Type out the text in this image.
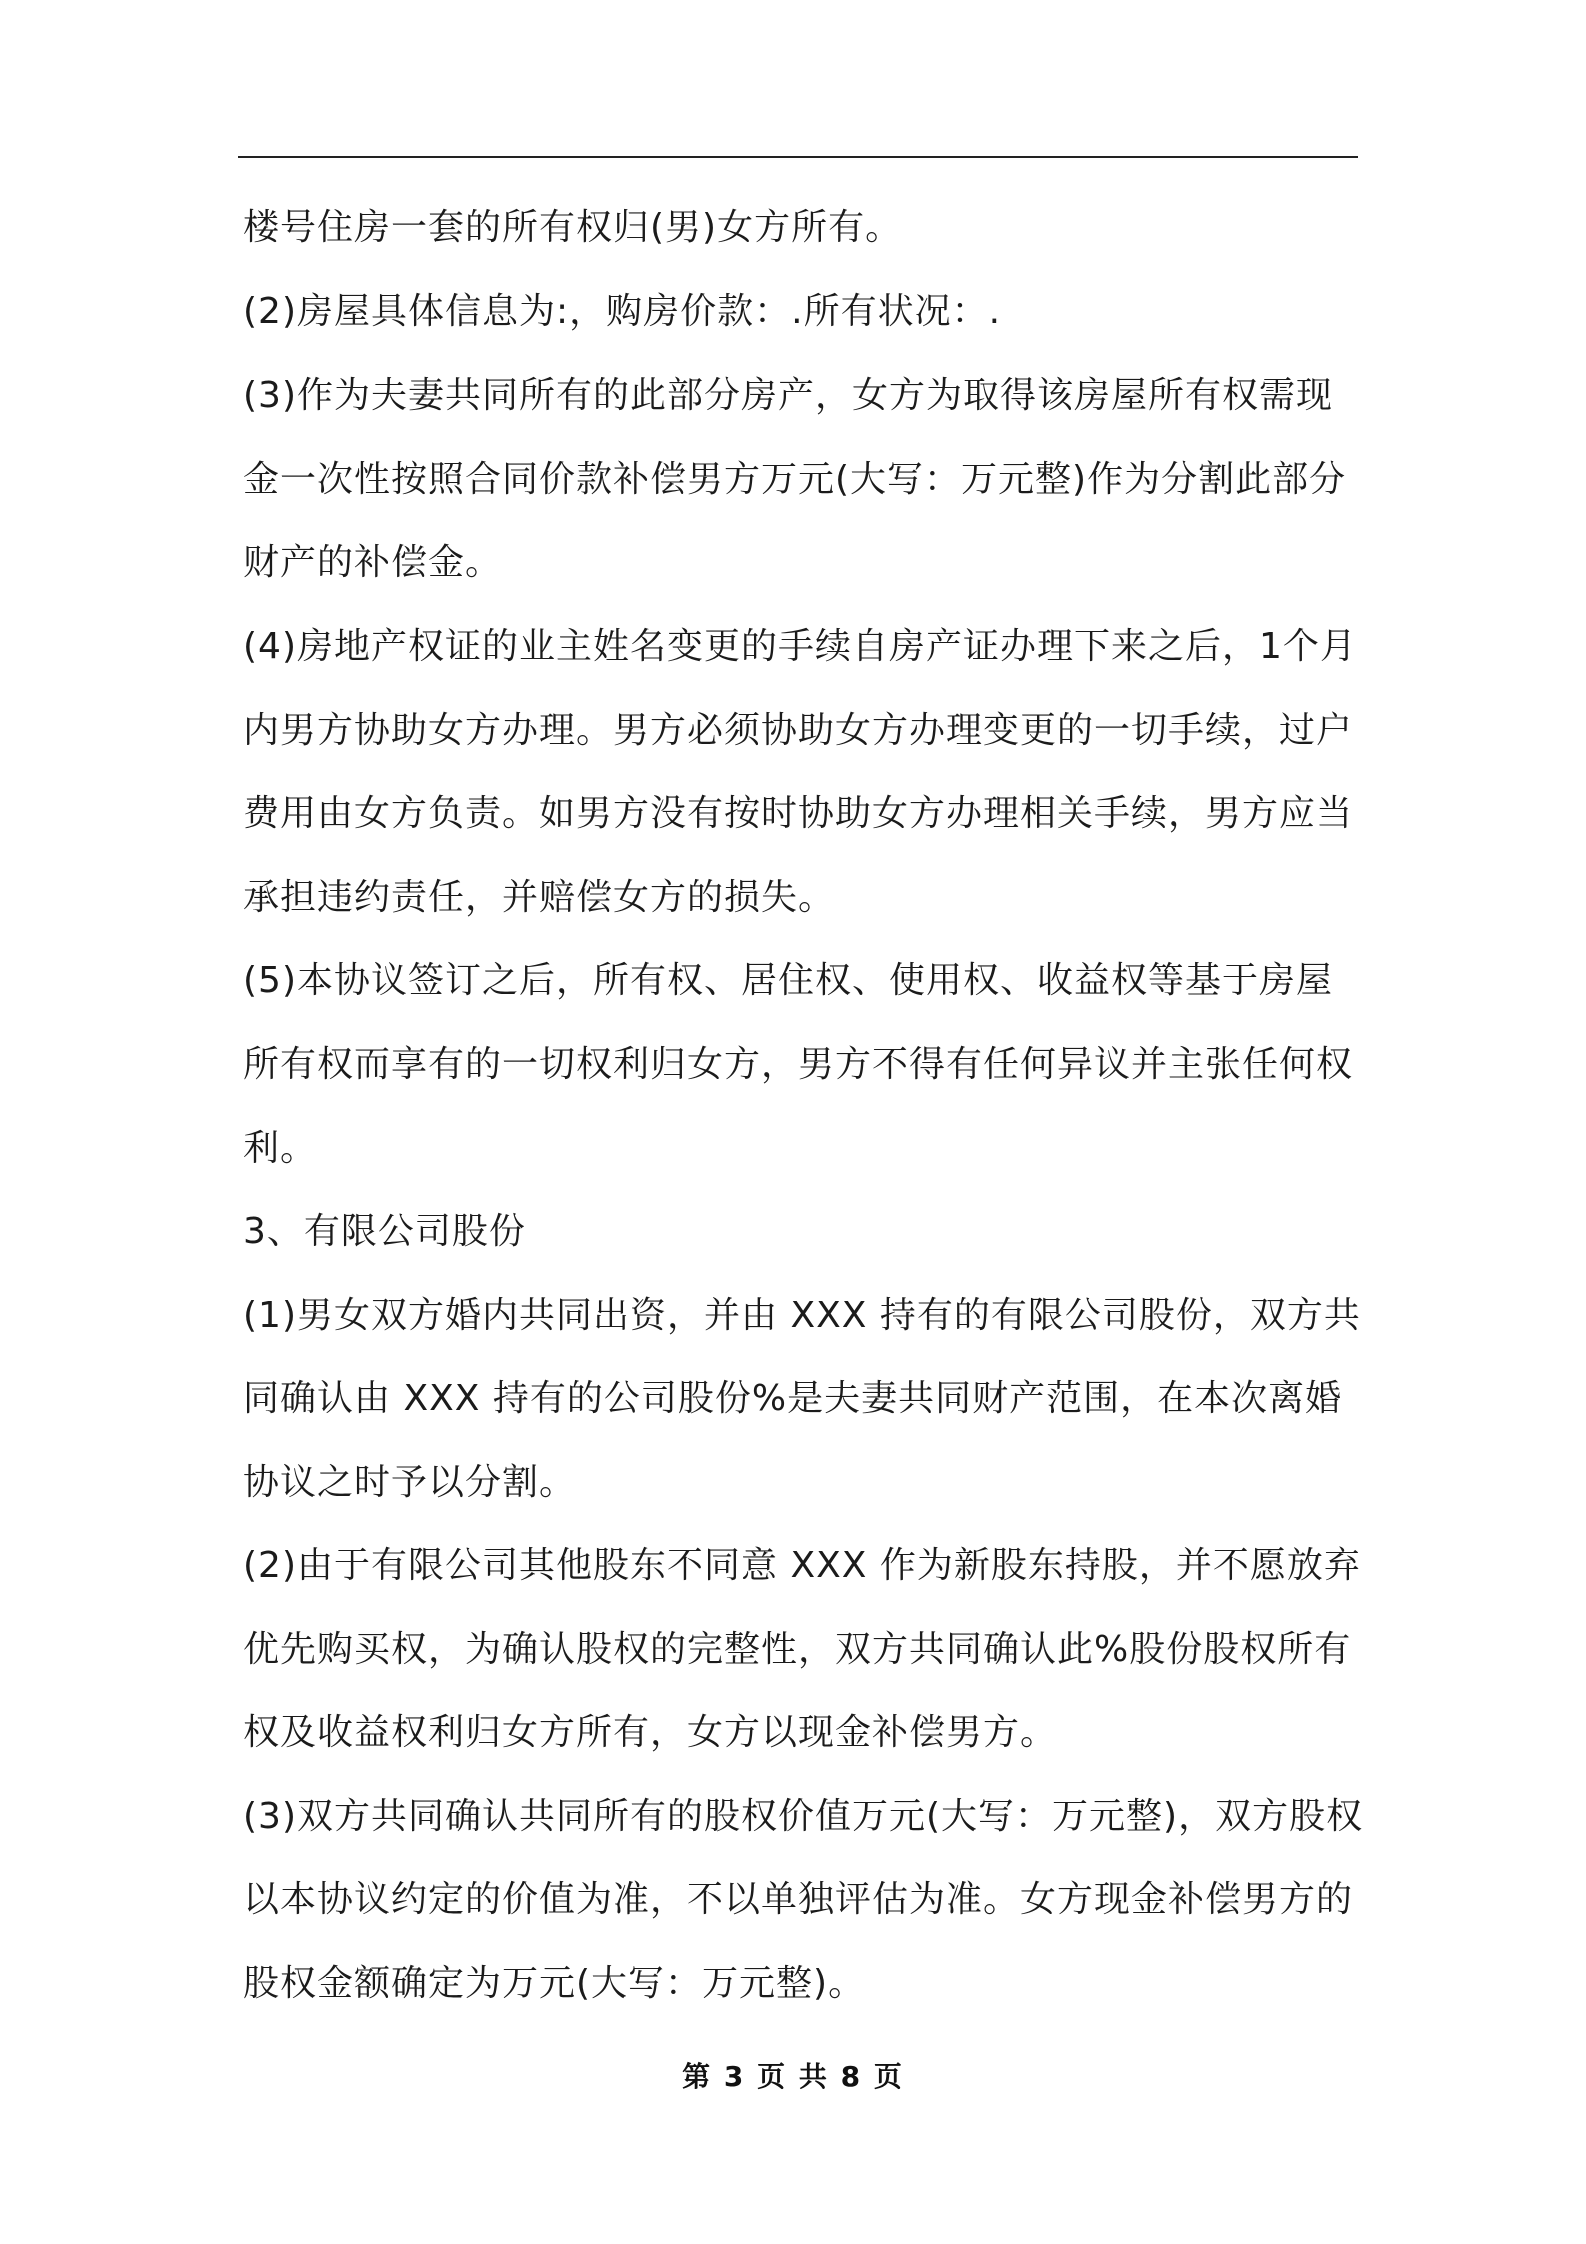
楼号住房一套的所有权归(男)女方所有。
(2)房屋具体信息为:，购房价款：.所有状况：.
(3)作为夫妻共同所有的此部分房产，女方为取得该房屋所有权需现
金一次性按照合同价款补偿男方万元(大写：万元整)作为分割此部分
财产的补偿金。
(4)房地产权证的业主姓名变更的手续自房产证办理下来之后，1个月
内男方协助女方办理。男方必须协助女方办理变更的一切手续，过户
费用由女方负责。如男方没有按时协助女方办理相关手续，男方应当
承担违约责任，并赔偿女方的损失。
(5)本协议签订之后，所有权、居住权、使用权、收益权等基于房屋
所有权而享有的一切权利归女方，男方不得有任何异议并主张任何权
利。
3、有限公司股份
(1)男女双方婚内共同出资，并由 XXX 持有的有限公司股份，双方共
同确认由 XXX 持有的公司股份%是夫妻共同财产范围，在本次离婚
协议之时予以分割。
(2)由于有限公司其他股东不同意 XXX 作为新股东持股，并不愿放弃
优先购买权，为确认股权的完整性，双方共同确认此%股份股权所有
权及收益权利归女方所有，女方以现金补偿男方。
(3)双方共同确认共同所有的股权价值万元(大写：万元整)，双方股权
以本协议约定的价值为准，不以单独评估为准。女方现金补偿男方的
股权金额确定为万元(大写：万元整)。
第 3 页 共 8 页
